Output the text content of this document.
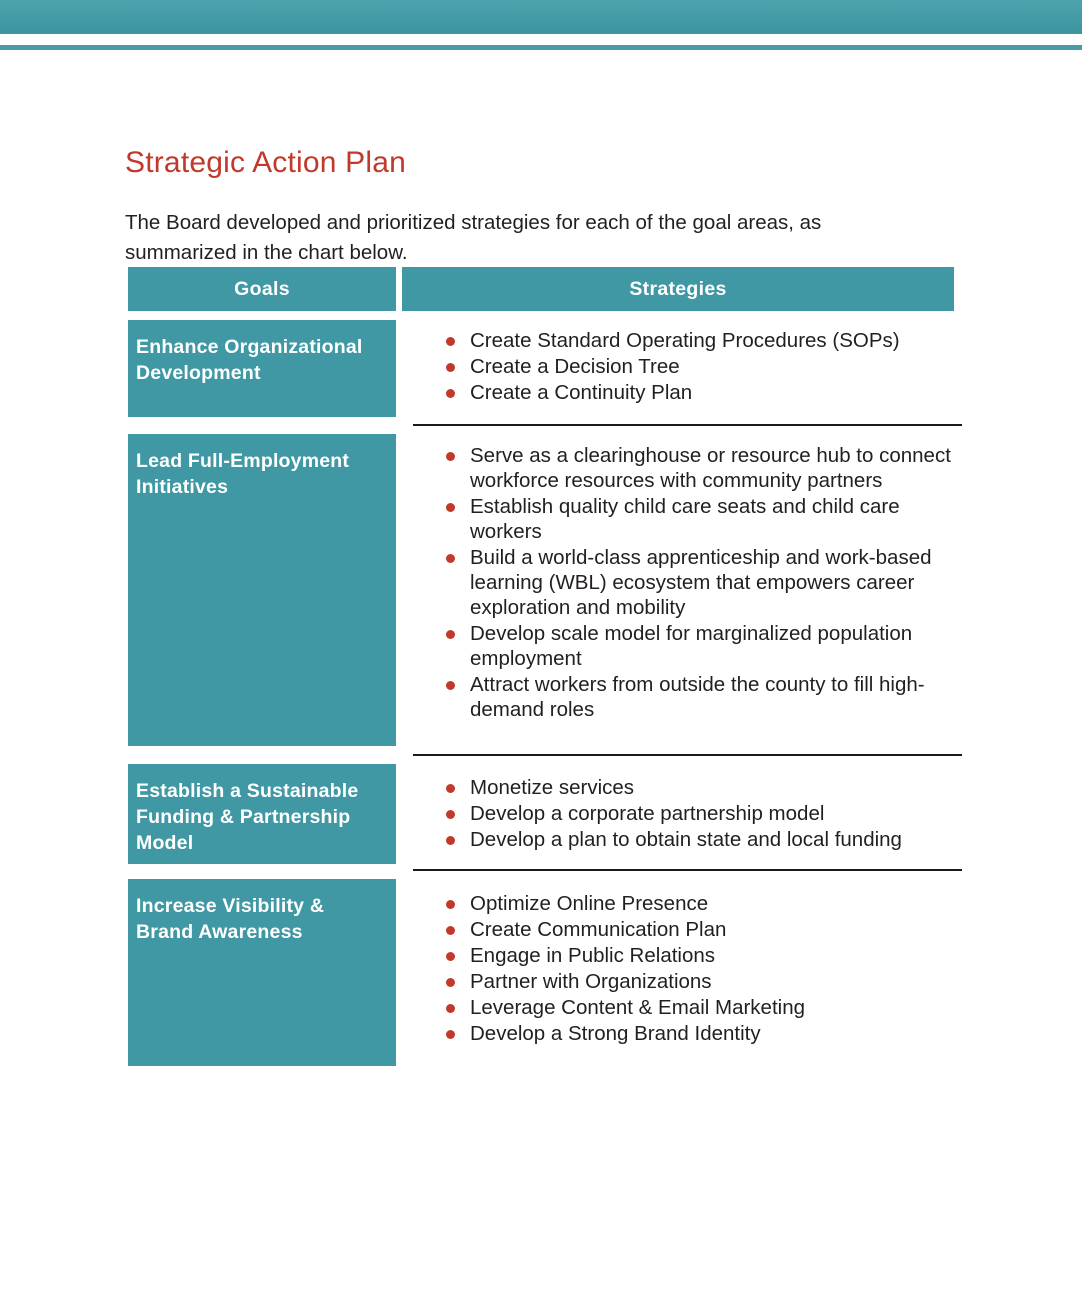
Strategic Action Plan

The Board developed and prioritized strategies for each of the goal areas, as summarized in the chart below.

Goals	Strategies
Enhance Organizational Development
Create Standard Operating Procedures (SOPs)
Create a Decision Tree
Create a Continuity Plan
Lead Full-Employment Initiatives
Serve as a clearinghouse or resource hub to connect workforce resources with community partners
Establish quality child care seats and child care workers
Build a world-class apprenticeship and work-based learning (WBL) ecosystem that empowers career exploration and mobility
Develop scale model for marginalized population employment
Attract workers from outside the county to fill high-demand roles
Establish a Sustainable Funding & Partnership Model
Monetize services
Develop a corporate partnership model
Develop a plan to obtain state and local funding
Increase Visibility & Brand Awareness
Optimize Online Presence
Create Communication Plan
Engage in Public Relations
Partner with Organizations
Leverage Content & Email Marketing
Develop a Strong Brand Identity
